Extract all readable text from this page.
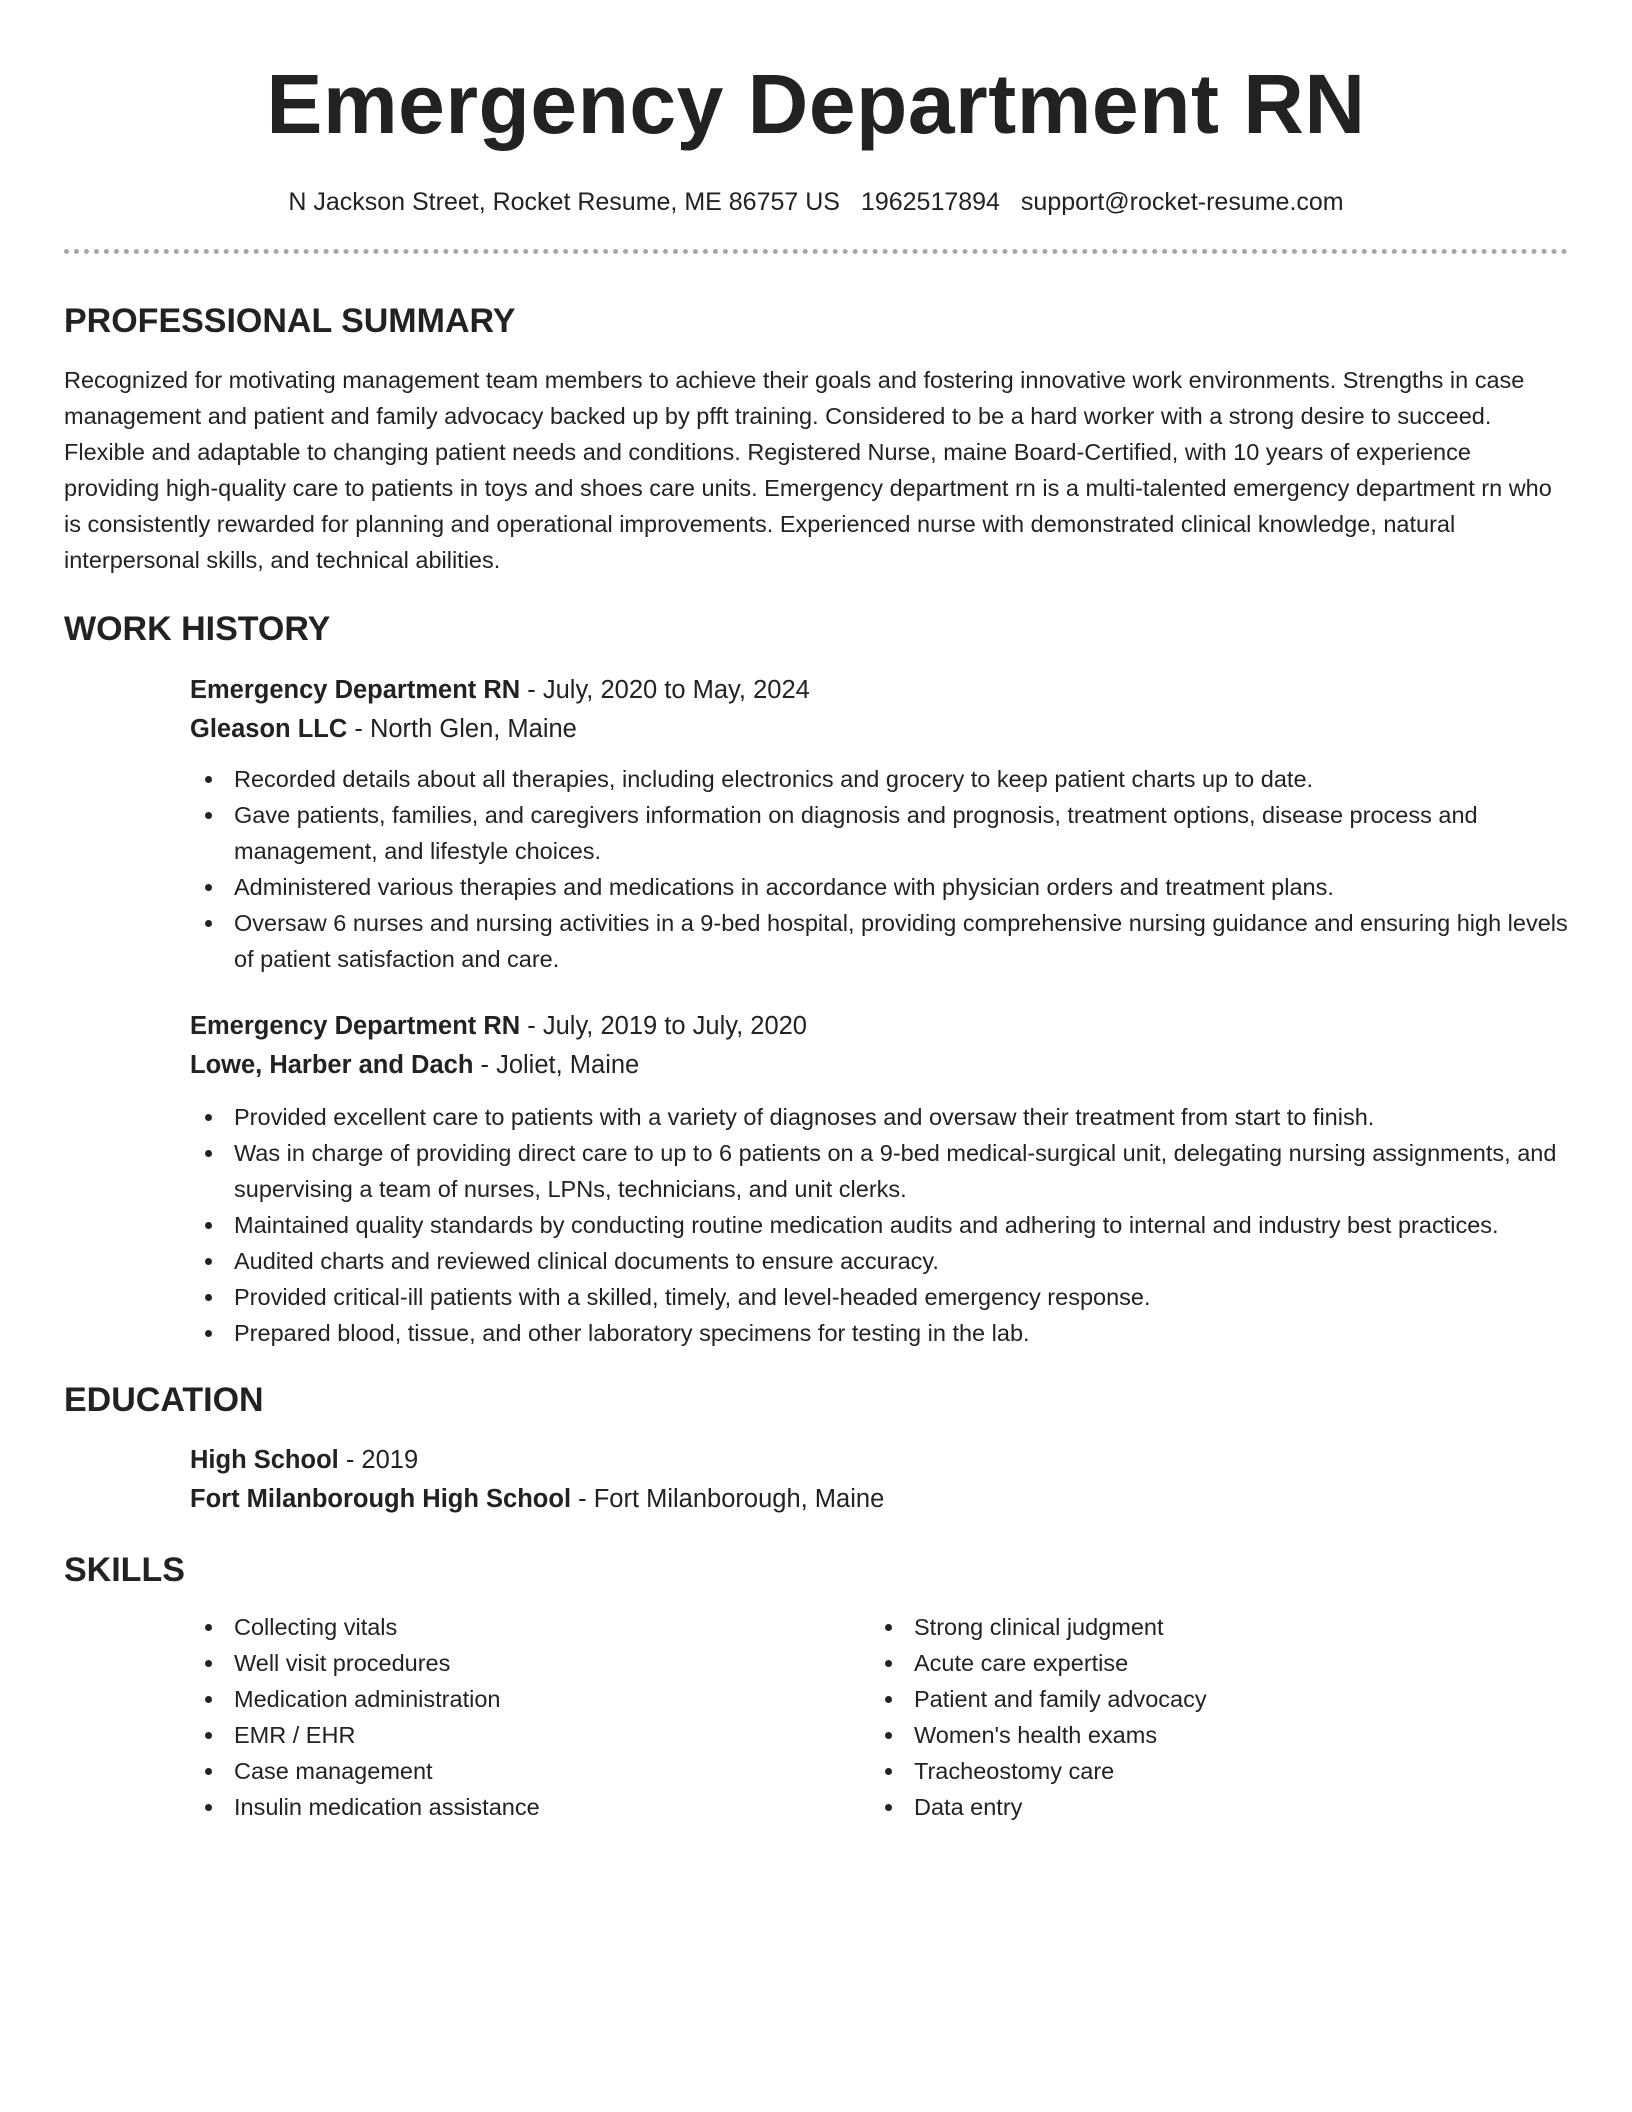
Emergency Department RN
N Jackson Street, Rocket Resume, ME 86757 US 1962517894 support@rocket-resume.com
PROFESSIONAL SUMMARY

Recognized for motivating management team members to achieve their goals and fostering innovative work environments. Strengths in case management and patient and family advocacy backed up by pfft training. Considered to be a hard worker with a strong desire to succeed. Flexible and adaptable to changing patient needs and conditions. Registered Nurse, maine Board-Certified, with 10 years of experience providing high-quality care to patients in toys and shoes care units. Emergency department rn is a multi-talented emergency department rn who is consistently rewarded for planning and operational improvements. Experienced nurse with demonstrated clinical knowledge, natural interpersonal skills, and technical abilities.

WORK HISTORY

Emergency Department RN - July, 2020 to May, 2024

Gleason LLC - North Glen, Maine

Recorded details about all therapies, including electronics and grocery to keep patient charts up to date.
Gave patients, families, and caregivers information on diagnosis and prognosis, treatment options, disease process and management, and lifestyle choices.
Administered various therapies and medications in accordance with physician orders and treatment plans.
Oversaw 6 nurses and nursing activities in a 9-bed hospital, providing comprehensive nursing guidance and ensuring high levels of patient satisfaction and care.

Emergency Department RN - July, 2019 to July, 2020

Lowe, Harber and Dach - Joliet, Maine

Provided excellent care to patients with a variety of diagnoses and oversaw their treatment from start to finish.
Was in charge of providing direct care to up to 6 patients on a 9-bed medical-surgical unit, delegating nursing assignments, and supervising a team of nurses, LPNs, technicians, and unit clerks.
Maintained quality standards by conducting routine medication audits and adhering to internal and industry best practices.
Audited charts and reviewed clinical documents to ensure accuracy.
Provided critical-ill patients with a skilled, timely, and level-headed emergency response.
Prepared blood, tissue, and other laboratory specimens for testing in the lab.
EDUCATION

High School - 2019

Fort Milanborough High School - Fort Milanborough, Maine

SKILLS
Collecting vitals
Well visit procedures
Medication administration
EMR / EHR
Case management
Insulin medication assistance
Strong clinical judgment
Acute care expertise
Patient and family advocacy
Women's health exams
Tracheostomy care
Data entry
